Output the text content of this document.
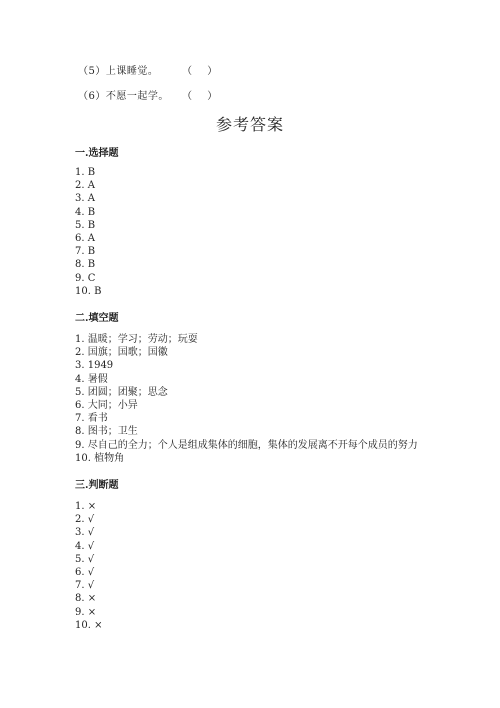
（5）上课睡觉。 （    ）
（6）不愿一起学。 （    ）
参考答案
一.选择题
1. B
2. A
3. A
4. B
5. B
6. A
7. B
8. B
9. C
10. B
二.填空题
1. 温暖；学习；劳动；玩耍
2. 国旗；国歌；国徽
3. 1949
4. 暑假
5. 团圆；团聚；思念
6. 大同；小异
7. 看书
8. 图书；卫生
9. 尽自己的全力；个人是组成集体的细胞，集体的发展离不开每个成员的努力
10. 植物角
三.判断题
1. ×
2. √
3. √
4. √
5. √
6. √
7. √
8. ×
9. ×
10. ×
